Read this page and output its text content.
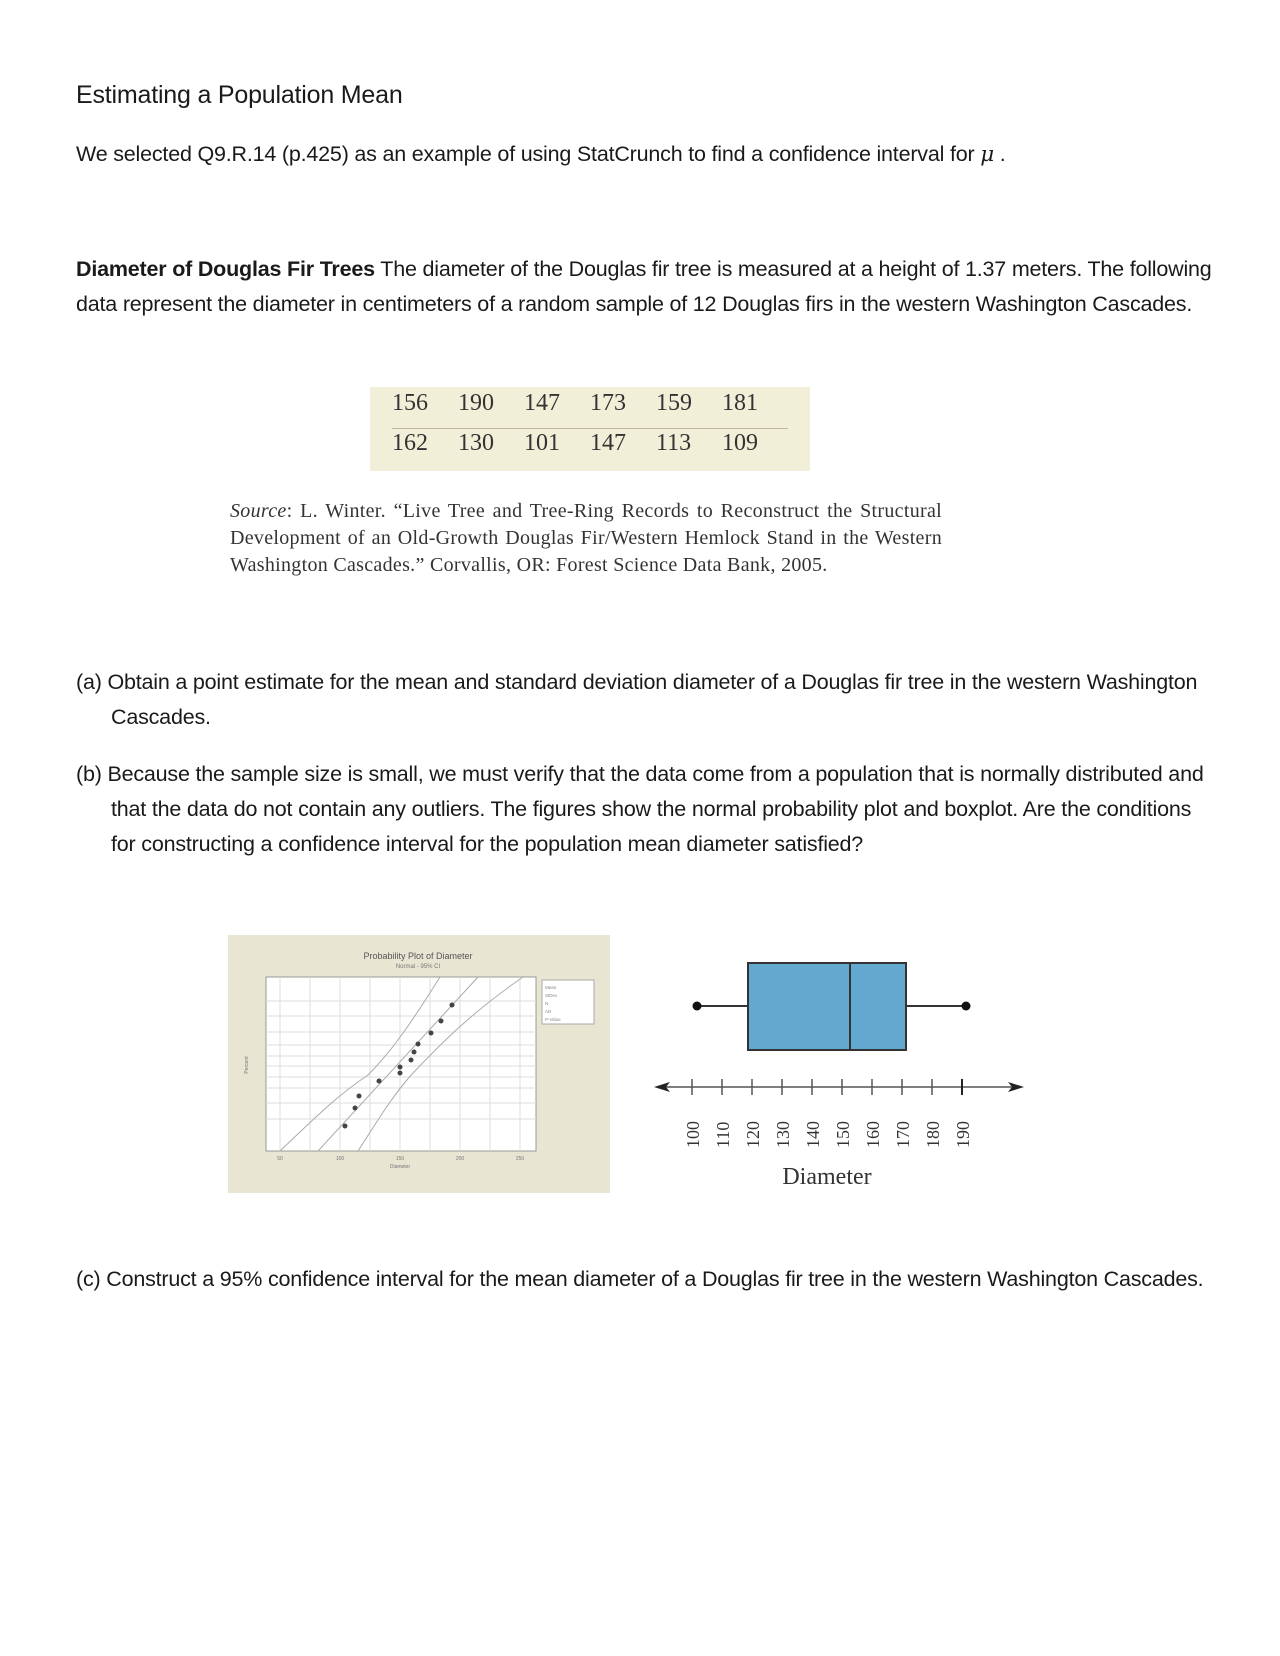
Estimating a Population Mean
We selected Q9.R.14 (p.425) as an example of using StatCrunch to find a confidence interval for μ .
Diameter of Douglas Fir Trees The diameter of the Douglas fir tree is measured at a height of 1.37 meters. The following data represent the diameter in centimeters of a random sample of 12 Douglas firs in the western Washington Cascades.
156	190	147	173	159	181
162	130	101	147	113	109
Source: L. Winter. “Live Tree and Tree-Ring Records to Reconstruct the Structural Development of an Old-Growth Douglas Fir/Western Hemlock Stand in the Western Washington Cascades.” Corvallis, OR: Forest Science Data Bank, 2005.
(a) Obtain a point estimate for the mean and standard deviation diameter of a Douglas fir tree in the western Washington Cascades.
(b) Because the sample size is small, we must verify that the data come from a population that is normally distributed and that the data do not contain any outliers. The figures show the normal probability plot and boxplot. Are the conditions for constructing a confidence interval for the population mean diameter satisfied?
Probability Plot of Diameter
Normal - 95% CI
50	100	150	200	250
Diameter
Percent
Mean
StDev
N
AD
P-Value
100 110 120 130 140 150 160 170 180 190
Diameter
(c) Construct a 95% confidence interval for the mean diameter of a Douglas fir tree in the western Washington Cascades.
